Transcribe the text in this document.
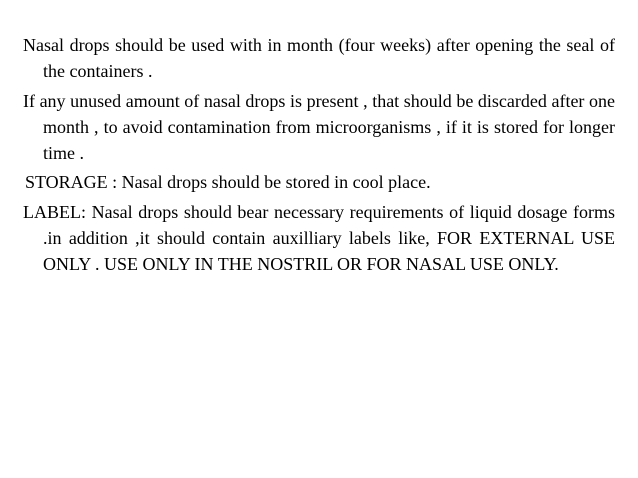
Nasal drops should be used with in month (four weeks) after opening the seal of the containers .

If any unused amount of nasal drops is present , that should be discarded after one month , to avoid contamination from microorganisms , if it is stored for longer time .

STORAGE : Nasal drops should be stored in cool place.

LABEL: Nasal drops should bear necessary requirements of liquid dosage forms .in addition ,it should contain auxilliary labels like, FOR EXTERNAL USE ONLY . USE ONLY IN THE NOSTRIL OR FOR NASAL USE ONLY.
